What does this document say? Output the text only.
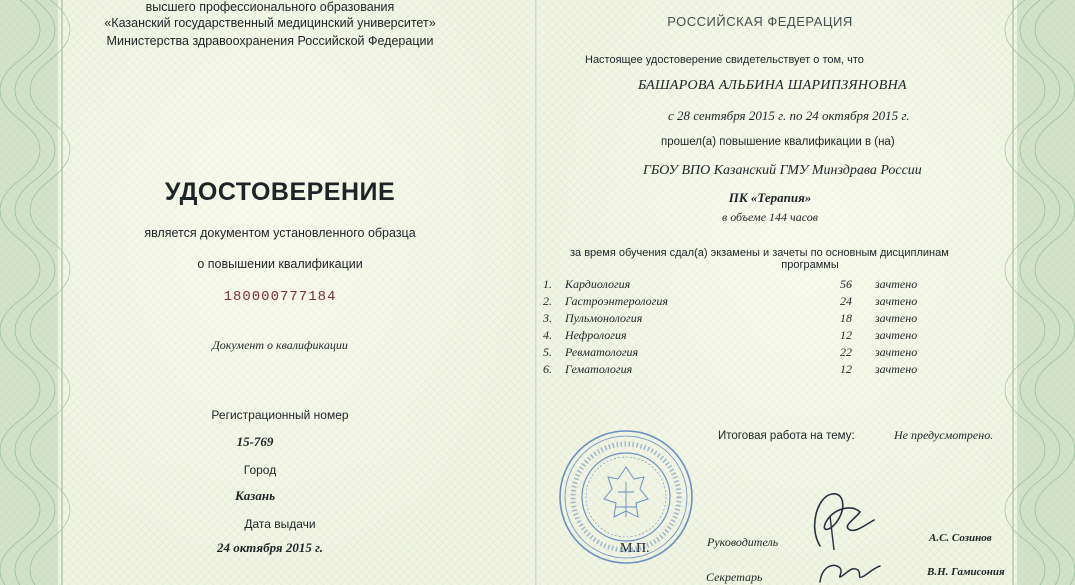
высшего профессионального образования
«Казанский государственный медицинский университет»
Министерства здравоохранения Российской Федерации
УДОСТОВЕРЕНИЕ
является документом установленного образца
о повышении квалификации
180000777184
Документ о квалификации
Регистрационный номер
15-769
Город
Казань
Дата выдачи
24 октября 2015 г.
РОССИЙСКАЯ ФЕДЕРАЦИЯ
Настоящее удостоверение свидетельствует о том, что
БАШАРОВА АЛЬБИНА ШАРИПЗЯНОВНА
с 28 сентября 2015 г. по 24 октября 2015 г.
прошел(а) повышение квалификации в (на)
ГБОУ ВПО Казанский ГМУ Минздрава России
ПК «Терапия»
в объеме 144 часов
за время обучения сдал(а) экзамены и зачеты по основным дисциплинам
программы
1. Кардиология	56 зачтено
2. Гастроэнтерология	24 зачтено
3. Пульмонология	18 зачтено
4. Нефрология	12 зачтено
5. Ревматология	22 зачтено
6. Гематология	12 зачтено
Итоговая работа на тему:	Не предусмотрено.
М.П.	Руководитель	А.С. Созинов
Секретарь	В.Н. Гамисония
